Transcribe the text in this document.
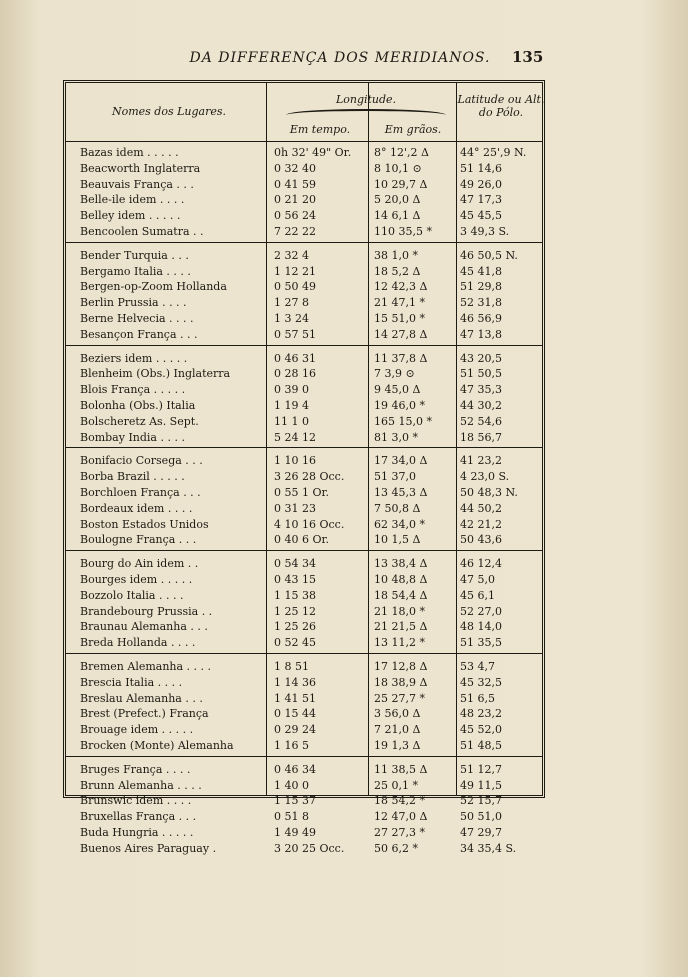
DA DIFFERENÇA DOS MERIDIANOS.	135
Nomes dos Lugares.
Longitude.
Em tempo.	Em grãos.
Latitude ou Alt. do Pólo.
Bazas idem . . . . .	0h 32' 49" Or.	8° 12',2 Δ	44° 25',9 N.
Beacworth Inglaterra	0 32 40	8 10,1 ⊙	51 14,6
Beauvais França . . .	0 41 59	10 29,7 Δ	49 26,0
Belle-ile idem . . . .	0 21 20	5 20,0 Δ	47 17,3
Belley idem . . . . .	0 56 24	14 6,1 Δ	45 45,5
Bencoolen Sumatra . .	7 22 22	110 35,5 *	3 49,3 S.
Bender Turquia . . .	2 32 4	38 1,0 *	46 50,5 N.
Bergamo Italia . . . .	1 12 21	18 5,2 Δ	45 41,8
Bergen-op-Zoom Hollanda	0 50 49	12 42,3 Δ	51 29,8
Berlin Prussia . . . .	1 27 8	21 47,1 *	52 31,8
Berne Helvecia . . . .	1 3 24	15 51,0 *	46 56,9
Besançon França . . .	0 57 51	14 27,8 Δ	47 13,8
Beziers idem . . . . .	0 46 31	11 37,8 Δ	43 20,5
Blenheim (Obs.) Inglaterra	0 28 16	7 3,9 ⊙	51 50,5
Blois França . . . . .	0 39 0	9 45,0 Δ	47 35,3
Bolonha (Obs.) Italia	1 19 4	19 46,0 *	44 30,2
Bolscheretz As. Sept.	11 1 0	165 15,0 *	52 54,6
Bombay India . . . .	5 24 12	81 3,0 *	18 56,7
Bonifacio Corsega . . .	1 10 16	17 34,0 Δ	41 23,2
Borba Brazil . . . . .	3 26 28 Occ.	51 37,0	4 23,0 S.
Borchloen França . . .	0 55 1 Or.	13 45,3 Δ	50 48,3 N.
Bordeaux idem . . . .	0 31 23	7 50,8 Δ	44 50,2
Boston Estados Unidos	4 10 16 Occ.	62 34,0 *	42 21,2
Boulogne França . . .	0 40 6 Or.	10 1,5 Δ	50 43,6
Bourg do Ain idem . .	0 54 34	13 38,4 Δ	46 12,4
Bourges idem . . . . .	0 43 15	10 48,8 Δ	47 5,0
Bozzolo Italia . . . .	1 15 38	18 54,4 Δ	45 6,1
Brandebourg Prussia . .	1 25 12	21 18,0 *	52 27,0
Braunau Alemanha . . .	1 25 26	21 21,5 Δ	48 14,0
Breda Hollanda . . . .	0 52 45	13 11,2 *	51 35,5
Bremen Alemanha . . . .	1 8 51	17 12,8 Δ	53 4,7
Brescia Italia . . . .	1 14 36	18 38,9 Δ	45 32,5
Breslau Alemanha . . .	1 41 51	25 27,7 *	51 6,5
Brest (Prefect.) França	0 15 44	3 56,0 Δ	48 23,2
Brouage idem . . . . .	0 29 24	7 21,0 Δ	45 52,0
Brocken (Monte) Alemanha	1 16 5	19 1,3 Δ	51 48,5
Bruges França . . . .	0 46 34	11 38,5 Δ	51 12,7
Brunn Alemanha . . . .	1 40 0	25 0,1 *	49 11,5
Brunswic idem . . . .	1 15 37	18 54,2 *	52 15,7
Bruxellas França . . .	0 51 8	12 47,0 Δ	50 51,0
Buda Hungria . . . . .	1 49 49	27 27,3 *	47 29,7
Buenos Aires Paraguay .	3 20 25 Occ.	50 6,2 *	34 35,4 S.
